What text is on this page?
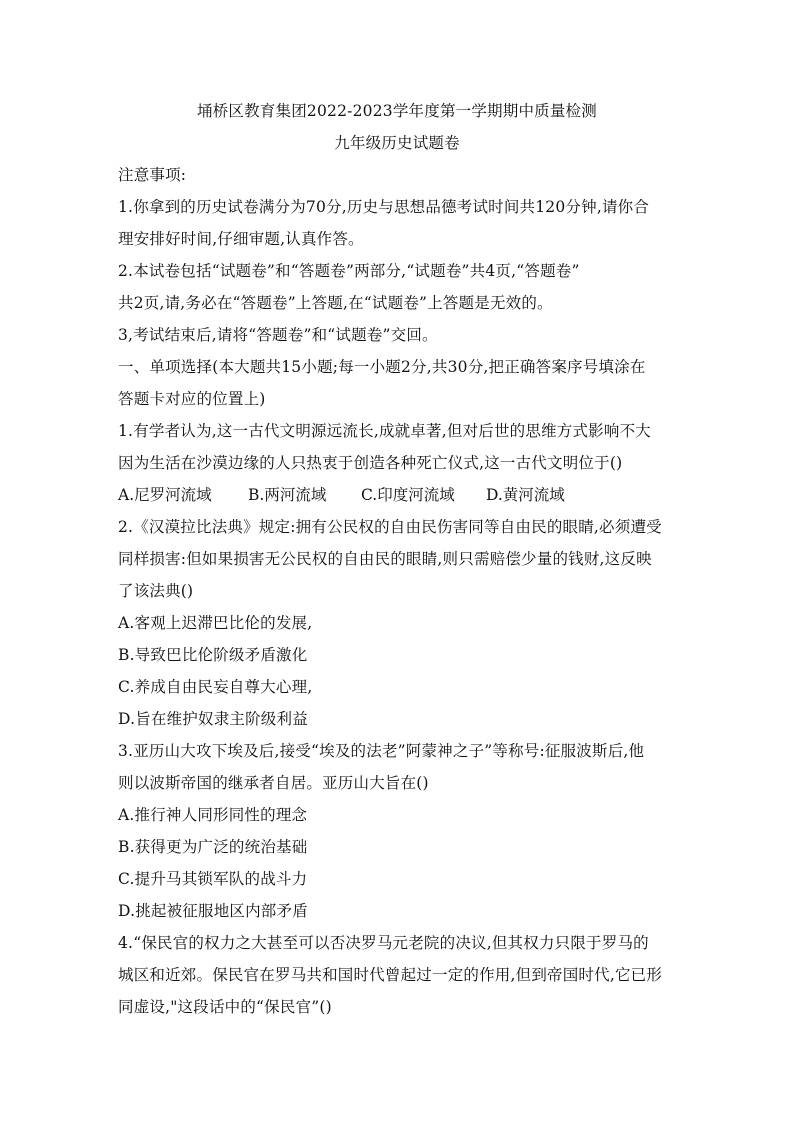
埇桥区教育集团2022-2023学年度第一学期期中质量检测
九年级历史试题卷
注意事项:
1.你拿到的历史试卷满分为70分,历史与思想品德考试时间共120分钟,请你合
理安排好时间,仔细审题,认真作答。
2.本试卷包括“试题卷”和“答题卷”两部分,“试题卷”共4页,“答题卷”
共2页,请,务必在“答题卷”上答题,在“试题卷”上答题是无效的。
3,考试结束后,请将“答题卷”和“试题卷”交回。
一、单项选择(本大题共15小题;每一小题2分,共30分,把正确答案序号填涂在
答题卡对应的位置上)
1.有学者认为,这一古代文明源远流长,成就卓著,但对后世的思维方式影响不大
因为生活在沙漠边缘的人只热衷于创造各种死亡仪式,这一古代文明位于()
A.尼罗河流域 B.两河流域 C.印度河流域 D.黄河流域
2.《汉漠拉比法典》规定:拥有公民权的自由民伤害同等自由民的眼睛,必须遭受
同样损害:但如果损害无公民权的自由民的眼睛,则只需赔偿少量的钱财,这反映
了该法典()
A.客观上迟滞巴比伦的发展,
B.导致巴比伦阶级矛盾激化
C.养成自由民妄自尊大心理,
D.旨在维护奴隶主阶级利益
3.亚历山大攻下埃及后,接受“埃及的法老”阿蒙神之子”等称号:征服波斯后,他
则以波斯帝国的继承者自居。亚历山大旨在()
A.推行神人同形同性的理念
B.获得更为广泛的统治基础
C.提升马其锁军队的战斗力
D.挑起被征服地区内部矛盾
4.“保民官的权力之大甚至可以否决罗马元老院的决议,但其权力只限于罗马的
城区和近郊。保民官在罗马共和国时代曾起过一定的作用,但到帝国时代,它已形
同虚设,"这段话中的“保民官”()
